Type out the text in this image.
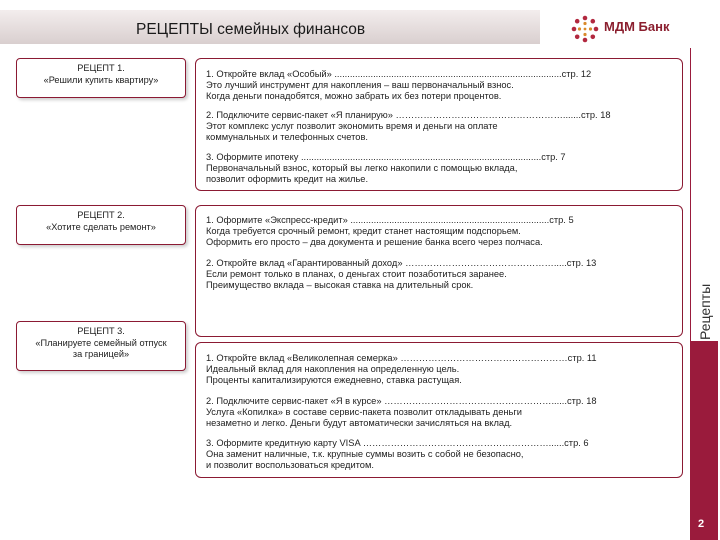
РЕЦЕПТЫ семейных финансов	МДМ Банк
Рецепты
2
РЕЦЕПТ 1.
«Решили купить квартиру»
1. Откройте вклад «Особый» ........................................................................................стр. 12
Это лучший инструмент для накопления – ваш первоначальный взнос.
Когда деньги понадобятся, можно забрать их без потери процентов.
2. Подключите сервис-пакет «Я планирую» ……………………………………………….......стр. 18
Этот комплекс услуг позволит экономить время и деньги на оплате
коммунальных и телефонных счетов.
3. Оформите ипотеку .............................................................................................стр. 7
Первоначальный взнос, который вы легко накопили с помощью вклада,
позволит оформить кредит на жилье.
РЕЦЕПТ 2.
«Хотите сделать ремонт»
1. Оформите «Экспресс-кредит» .............................................................................стр. 5
Когда требуется срочный ремонт, кредит станет настоящим подспорьем.
Оформить его просто – два документа и решение банка всего через полчаса.
2. Откройте вклад «Гарантированный доход» ………………………………………….....стр. 13
Если ремонт только в планах, о деньгах стоит позаботиться заранее.
Преимущество вклада – высокая ставка на длительный срок.
РЕЦЕПТ 3.
«Планируете семейный отпуск
за границей»	1. Откройте вклад «Великолепная семерка» ………………………………………………стр. 11
Идеальный вклад для накопления на определенную цель.
Проценты капитализируются ежедневно, ставка растущая.
2. Подключите сервис-пакет «Я в курсе» ………………………………………………......стр. 18
Услуга «Копилка» в составе сервис-пакета позволит откладывать деньги
незаметно и легко. Деньги будут автоматически зачисляться на вклад.
3. Оформите кредитную карту VISA ……………………………………………………......стр. 6
Она заменит наличные, т.к. крупные суммы возить с собой не безопасно,
и позволит воспользоваться кредитом.
